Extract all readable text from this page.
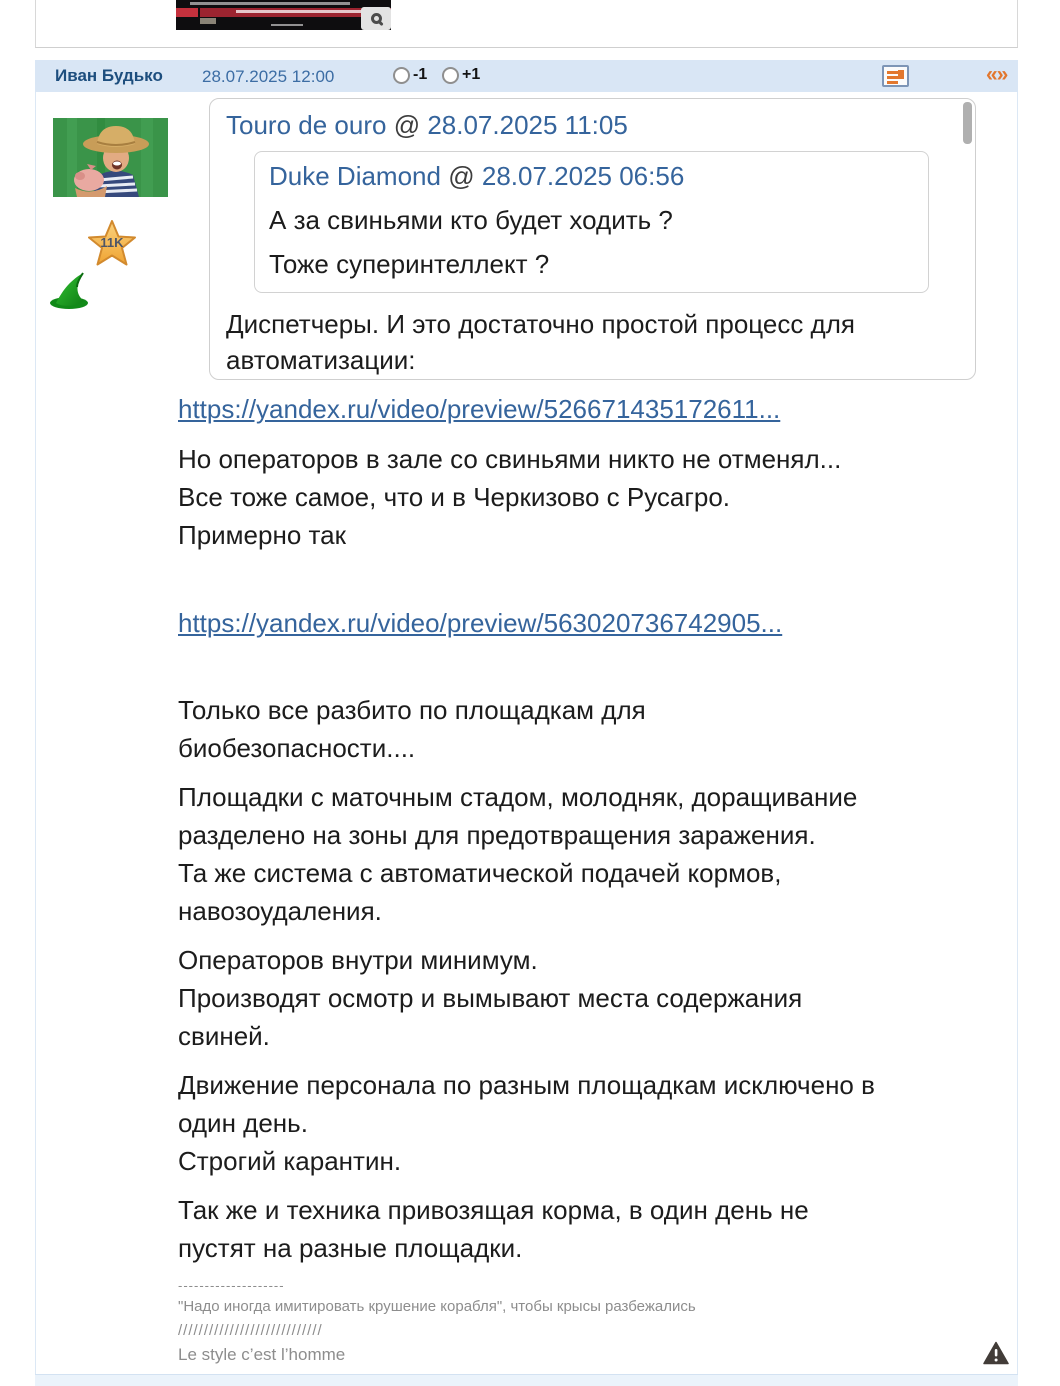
Иван Будько 28.07.2025 12:00	-1 +1	«»
11K
Touro de ouro @ 28.07.2025 11:05
Duke Diamond @ 28.07.2025 06:56
А за свиньями кто будет ходить ?
Тоже суперинтеллект ?
Диспетчеры. И это достаточно простой процесс для
автоматизации:
https://yandex.ru/video/preview/526671435172611...
Но операторов в зале со свиньями никто не отменял...
Все тоже самое, что и в Черкизово с Русагро.
Примерно так
https://yandex.ru/video/preview/563020736742905...
Только все разбито по площадкам для
биобезопасности....
Площадки с маточным стадом, молодняк, доращивание
разделено на зоны для предотвращения заражения.
Та же система с автоматической подачей кормов,
навозоудаления.
Операторов внутри минимум.
Производят осмотр и вымывают места содержания
свиней.
Движение персонала по разным площадкам исключено в
один день.
Строгий карантин.
Так же и техника привозящая корма, в один день не
пустят на разные площадки.
--------------------
"Надо иногда имитировать крушение корабля", чтобы крысы разбежались
////////////////////////////
Le style c’est l’homme
